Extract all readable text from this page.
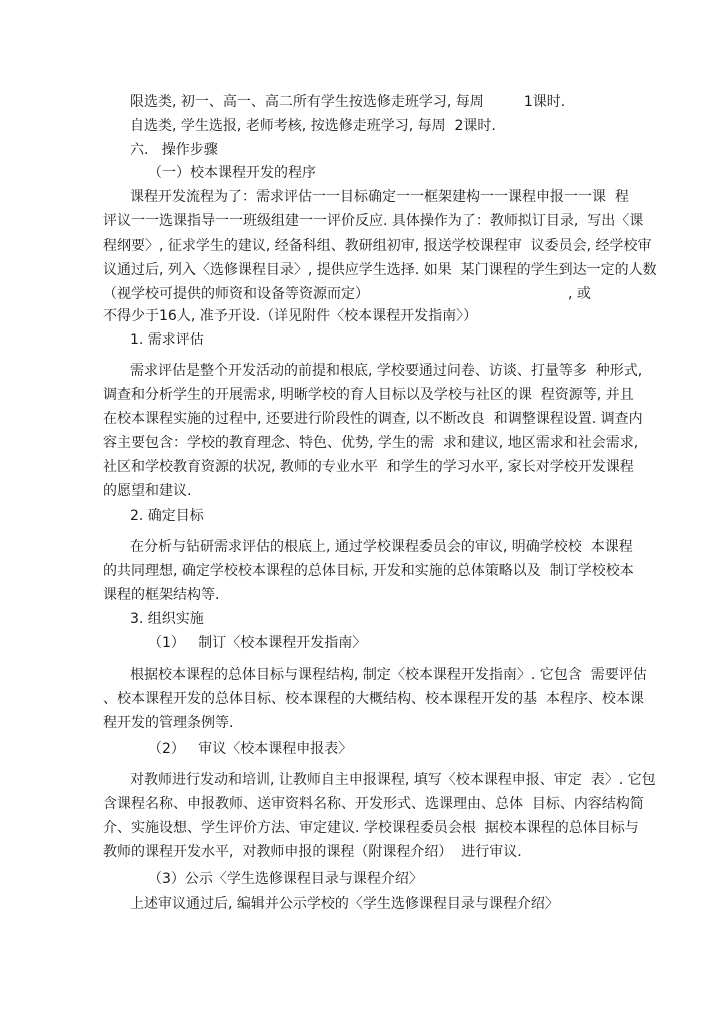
限选类, 初一、高一、高二所有学生按选修走班学习, 每周         1课时.
自选类, 学生选报, 老师考核, 按选修走班学习, 每周  2课时.
六.   操作步骤
（一）校本课程开发的程序
课程开发流程为了：需求评估一一目标确定一一框架建构一一课程申报一一课  程
评议一一选课指导一一班级组建一一评价反应. 具体操作为了：教师拟订目录,  写出〈课
程纲要〉, 征求学生的建议, 经备科组、教研组初审, 报送学校课程审  议委员会, 经学校审
议通过后, 列入〈选修课程目录〉, 提供应学生选择. 如果  某门课程的学生到达一定的人数
（视学校可提供的师资和设备等资源而定）	, 或
不得少于16人, 准予开设.（详见附件〈校本课程开发指南〉）
1. 需求评估
需求评估是整个开发活动的前提和根底, 学校要通过问卷、访谈、打量等多  种形式,
调查和分析学生的开展需求, 明晰学校的育人目标以及学校与社区的课  程资源等, 并且
在校本课程实施的过程中, 还要进行阶段性的调查, 以不断改良  和调整课程设置. 调查内
容主要包含：学校的教育理念、特色、优势, 学生的需  求和建议, 地区需求和社会需求,
社区和学校教育资源的状况, 教师的专业水平  和学生的学习水平, 家长对学校开发课程
的愿望和建议.
2. 确定目标
在分析与钻研需求评估的根底上, 通过学校课程委员会的审议, 明确学校校  本课程
的共同理想, 确定学校校本课程的总体目标, 开发和实施的总体策略以及  制订学校校本
课程的框架结构等.
3. 组织实施
（1）   制订〈校本课程开发指南〉
根据校本课程的总体目标与课程结构, 制定〈校本课程开发指南〉. 它包含  需要评估
、校本课程开发的总体目标、校本课程的大概结构、校本课程开发的基  本程序、校本课
程开发的管理条例等.
（2）   审议〈校本课程申报表〉
对教师进行发动和培训, 让教师自主申报课程, 填写〈校本课程申报、审定  表〉. 它包
含课程名称、申报教师、送审资料名称、开发形式、选课理由、总体  目标、内容结构简
介、实施设想、学生评价方法、审定建议. 学校课程委员会根  据校本课程的总体目标与
教师的课程开发水平,  对教师申报的课程（附课程介绍）  进行审议.
（3）公示〈学生选修课程目录与课程介绍〉
上述审议通过后, 编辑并公示学校的〈学生选修课程目录与课程介绍〉
